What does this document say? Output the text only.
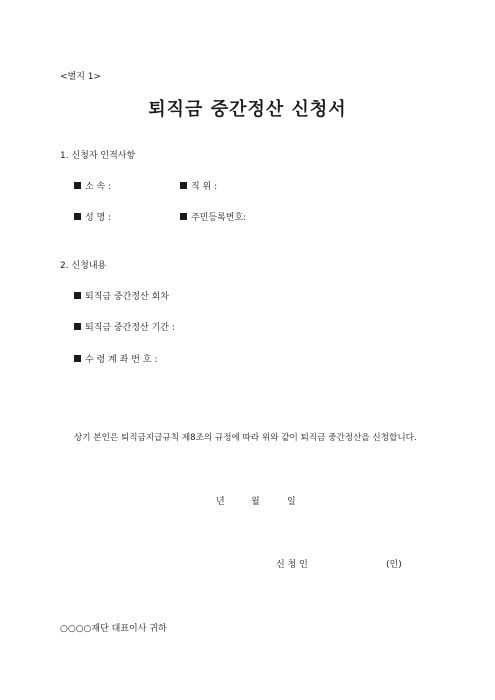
<별지 1>
퇴직금 중간정산 신청서
1. 신청자 인적사항
소 속 :	직 위 :
성 명 :	주민등록번호:
2. 신청내용
퇴직금 중간정산 회차
퇴직금 중간정산 기간 :
수 령 계 좌 번 호 :
상기 본인은 퇴직금지급규칙 제8조의 규정에 따라 위와 같이 퇴직금 중간정산을 신청합니다.
년	월	일
신 청 인	(인)
○○○○재단 대표이사 귀하
